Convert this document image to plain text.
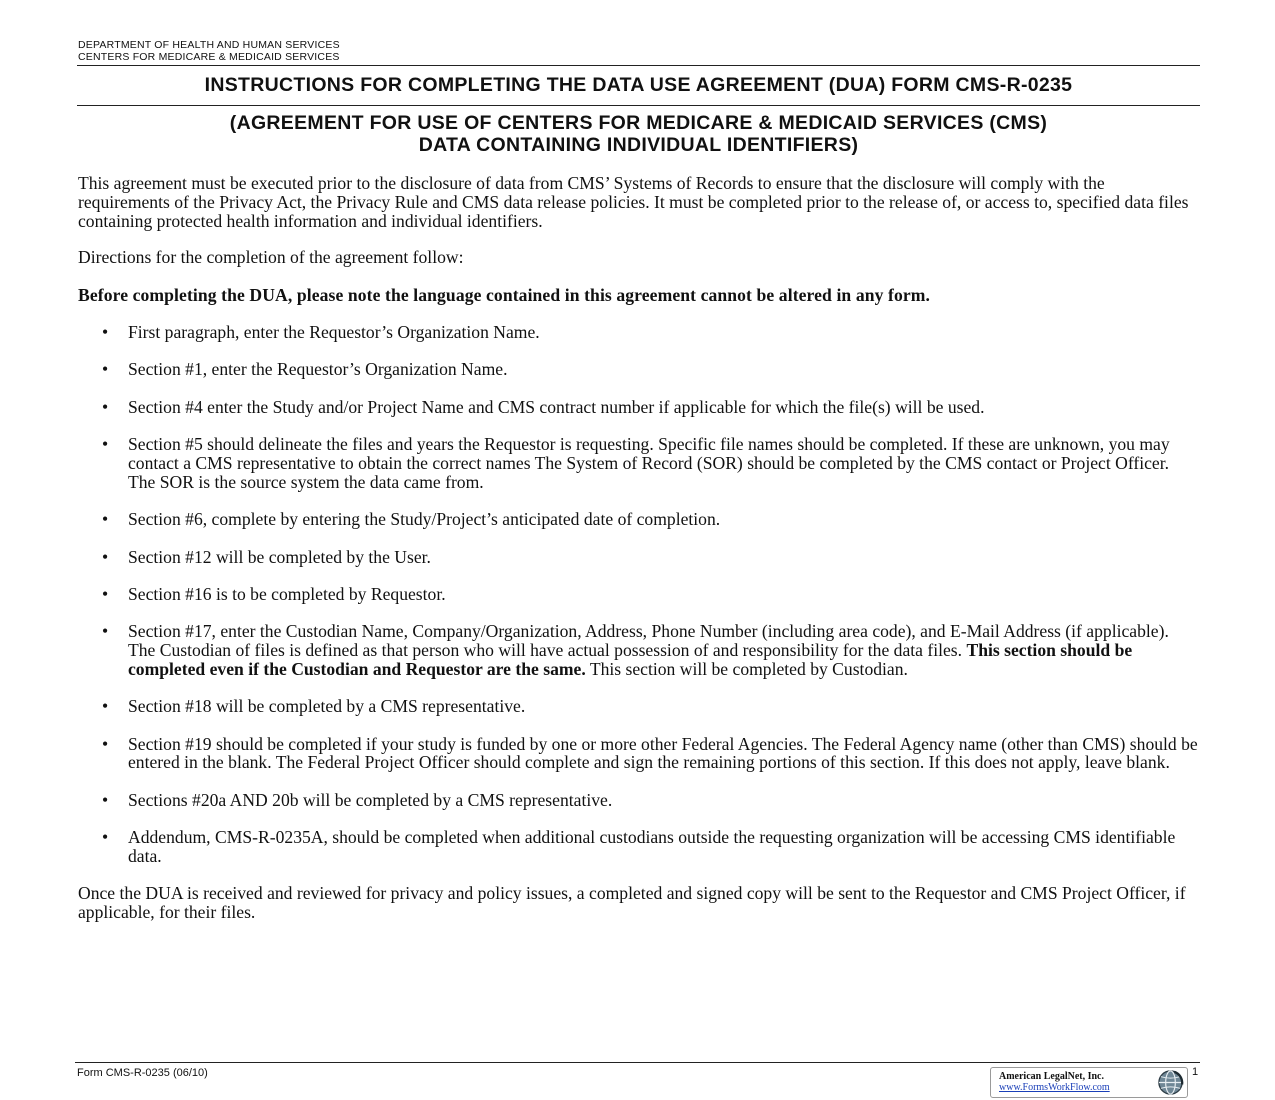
DEPARTMENT OF HEALTH AND HUMAN SERVICES
CENTERS FOR MEDICARE & MEDICAID SERVICES
INSTRUCTIONS FOR COMPLETING THE DATA USE AGREEMENT (DUA) FORM CMS-R-0235
(AGREEMENT FOR USE OF CENTERS FOR MEDICARE & MEDICAID SERVICES (CMS)
DATA CONTAINING INDIVIDUAL IDENTIFIERS)

This agreement must be executed prior to the disclosure of data from CMS’ Systems of Records to ensure that the disclosure will comply with the requirements of the Privacy Act, the Privacy Rule and CMS data release policies. It must be completed prior to the release of, or access to, specified data files containing protected health information and individual identifiers.

Directions for the completion of the agreement follow:

Before completing the DUA, please note the language contained in this agreement cannot be altered in any form.

• First paragraph, enter the Requestor’s Organization Name.
• Section #1, enter the Requestor’s Organization Name.
• Section #4 enter the Study and/or Project Name and CMS contract number if applicable for which the file(s) will be used.
• Section #5 should delineate the files and years the Requestor is requesting. Specific file names should be completed. If these are unknown, you may contact a CMS representative to obtain the correct names The System of Record (SOR) should be completed by the CMS contact or Project Officer. The SOR is the source system the data came from.
• Section #6, complete by entering the Study/Project’s anticipated date of completion.
• Section #12 will be completed by the User.
• Section #16 is to be completed by Requestor.
• Section #17, enter the Custodian Name, Company/Organization, Address, Phone Number (including area code), and E-Mail Address (if applicable). The Custodian of files is defined as that person who will have actual possession of and responsibility for the data files. This section should be completed even if the Custodian and Requestor are the same. This section will be completed by Custodian.
• Section #18 will be completed by a CMS representative.
• Section #19 should be completed if your study is funded by one or more other Federal Agencies. The Federal Agency name (other than CMS) should be entered in the blank. The Federal Project Officer should complete and sign the remaining portions of this section. If this does not apply, leave blank.
• Sections #20a AND 20b will be completed by a CMS representative.
• Addendum, CMS-R-0235A, should be completed when additional custodians outside the requesting organization will be accessing CMS identifiable data.

Once the DUA is received and reviewed for privacy and policy issues, a completed and signed copy will be sent to the Requestor and CMS Project Officer, if applicable, for their files.

Form CMS-R-0235 (06/10)	American LegalNet, Inc.
www.FormsWorkFlow.com
1
